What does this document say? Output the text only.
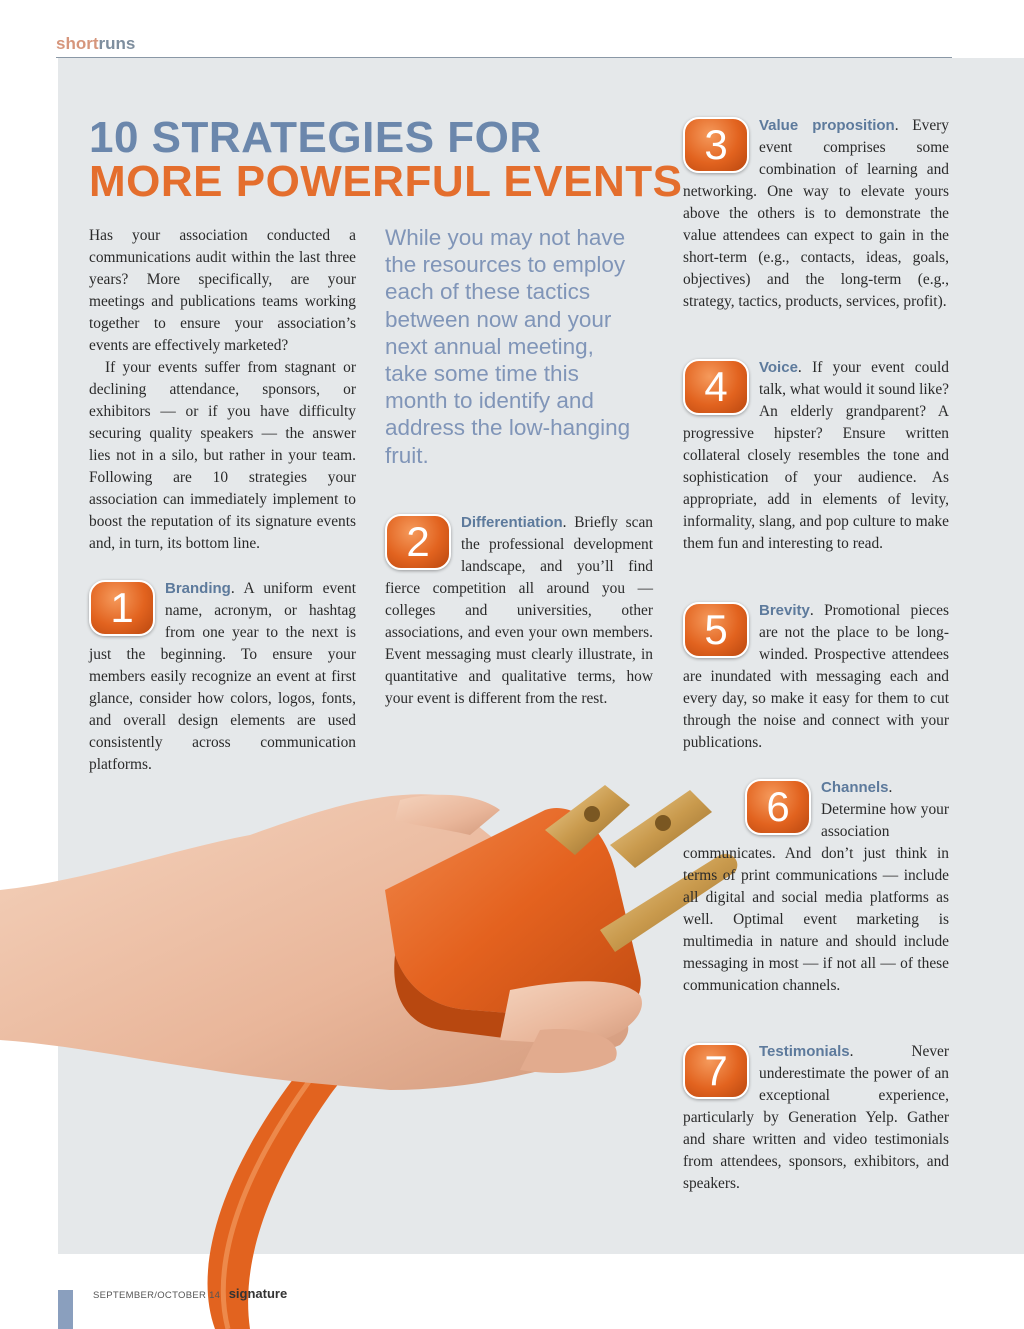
shortruns
10 STRATEGIES FOR
MORE POWERFUL EVENTS

Has your association conducted a communications audit within the last three years? More specifically, are your meetings and publications teams working together to ensure your association’s events are effectively marketed?

If your events suffer from stagnant or declining attendance, sponsors, or exhibitors — or if you have difficulty securing quality speakers — the answer lies not in a silo, but rather in your team. Following are 10 strategies your association can immediately implement to boost the reputation of its signature events and, in turn, its bottom line.

While you may not have the resources to employ each of these tactics between now and your next annual meeting, take some time this month to identify and address the low-hanging fruit.
1	Branding. A uniform event name, acronym, or hashtag from one year to the next is just the beginning. To ensure your members easily recognize an event at first glance, consider how colors, logos, fonts, and overall design elements are used consistently across communication platforms.
2	Differentiation. Briefly scan the professional development landscape, and you’ll find fierce competition all around you — colleges and universities, other associations, and even your own members. Event messaging must clearly illustrate, in quantitative and qualitative terms, how your event is different from the rest.
3	Value proposition. Every event comprises some combination of learning and networking. One way to elevate yours above the others is to demonstrate the value attendees can expect to gain in the short-term (e.g., contacts, ideas, goals, objectives) and the long-term (e.g., strategy, tactics, products, services, profit).
4	Voice. If your event could talk, what would it sound like? An elderly grandparent? A progressive hipster? Ensure written collateral closely resembles the tone and sophistication of your audience. As appropriate, add in elements of levity, informality, slang, and pop culture to make them fun and interesting to read.
5	Brevity. Promotional pieces are not the place to be long-winded. Prospective attendees are inundated with messaging each and every day, so make it easy for them to cut through the noise and connect with your publications.
6	Channels. Determine how your association communicates. And don’t just think in terms of print communications — include all digital and social media platforms as well. Optimal event marketing is multimedia in nature and should include messaging in most — if not all — of these communication channels.
7	Testimonials. Never underestimate the power of an exceptional experience, particularly by Generation Yelp. Gather and share written and video testimonials from attendees, sponsors, exhibitors, and speakers.
SEPTEMBER/OCTOBER 14 signature
